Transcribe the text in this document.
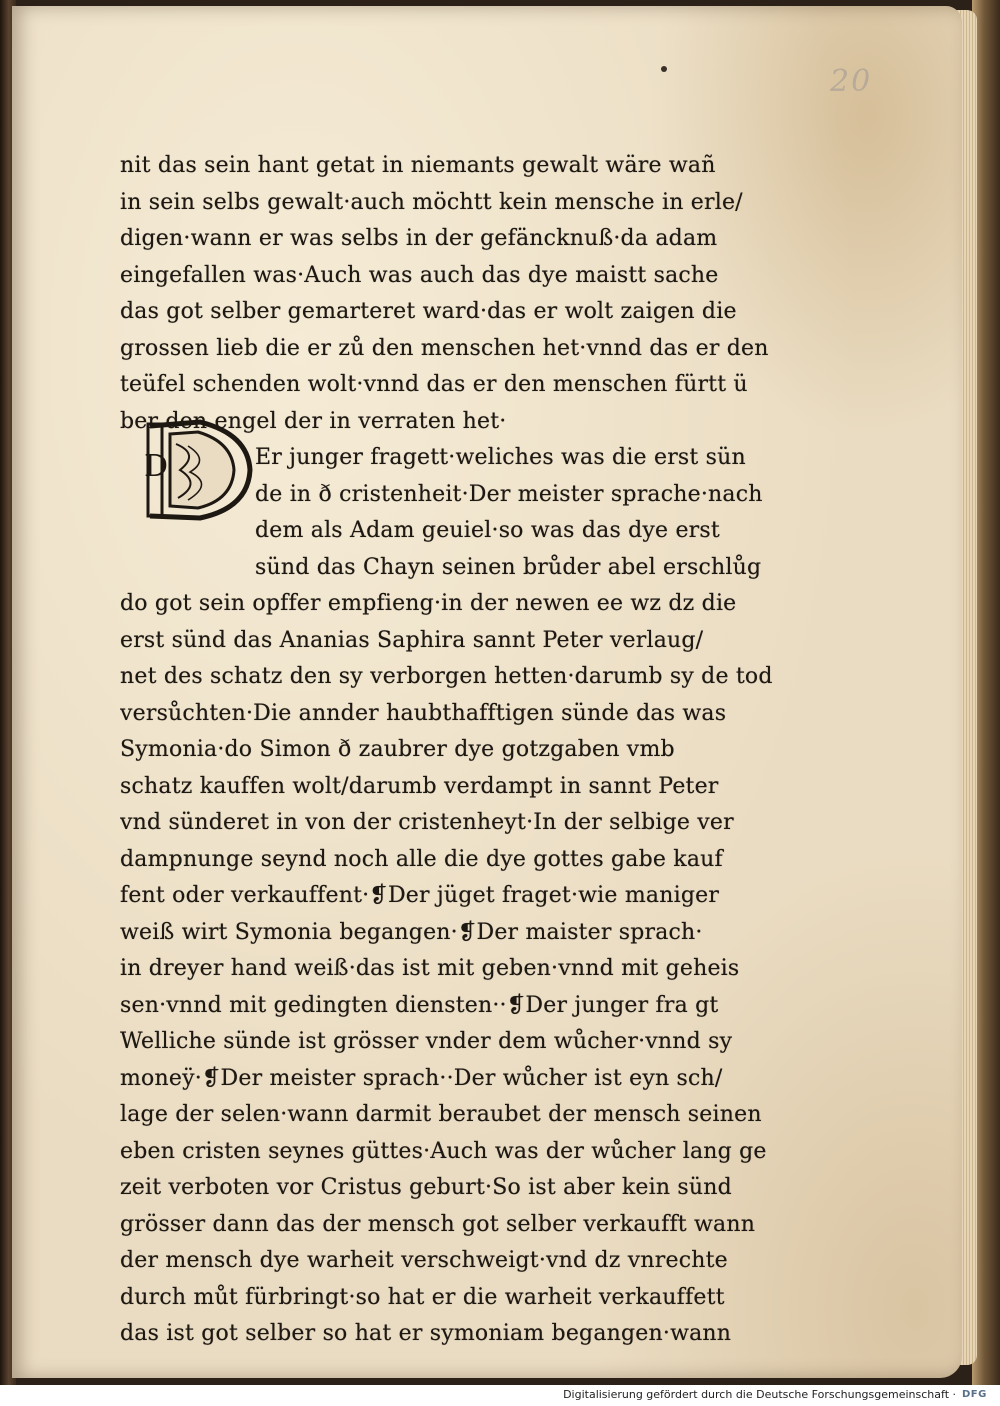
20
D
nit das sein hant getat in niemants gewalt wäre wañ
in sein selbs gewalt·auch möchtt kein mensche in erle/
digen·wann er was selbs in der gefäncknuß·da adam
eingefallen was·Auch was auch das dye maistt sache
das got selber gemarteret ward·das er wolt zaigen die
grossen lieb die er zů den menschen het·vnnd das er den
teüfel schenden wolt·vnnd das er den menschen fürtt ü
ber den engel der in verraten het·
Er junger fragett·weliches was die erst sün
de in ð cristenheit·Der meister sprache·nach
dem als Adam geuiel·so was das dye erst
sünd das Chayn seinen brůder abel erschlůg
do got sein opffer empfieng·in der newen ee wz dz die
erst sünd das Ananias Saphira sannt Peter verlaug/
net des schatz den sy verborgen hetten·darumb sy de tod
versůchten·Die annder haubthafftigen sünde das was
Symonia·do Simon ð zaubrer dye gotzgaben vmb
schatz kauffen wolt/darumb verdampt in sannt Peter
vnd sünderet in von der cristenheyt·In der selbige ver
dampnunge seynd noch alle die dye gottes gabe kauf
fent oder verkauffent·❡Der jüget fraget·wie maniger
weiß wirt Symonia begangen·❡Der maister sprach·
in dreyer hand weiß·das ist mit geben·vnnd mit geheis
sen·vnnd mit gedingten diensten··❡Der junger fra gt
Welliche sünde ist grösser vnder dem wůcher·vnnd sy
moneÿ·❡Der meister sprach··Der wůcher ist eyn sch/
lage der selen·wann darmit beraubet der mensch seinen
eben cristen seynes güttes·Auch was der wůcher lang ge
zeit verboten vor Cristus geburt·So ist aber kein sünd
grösser dann das der mensch got selber verkaufft wann
der mensch dye warheit verschweigt·vnd dz vnrechte
durch můt fürbringt·so hat er die warheit verkauffett
das ist got selber so hat er symoniam begangen·wann
Digitalisierung gefördert durch die Deutsche Forschungsgemeinschaft · DFG
